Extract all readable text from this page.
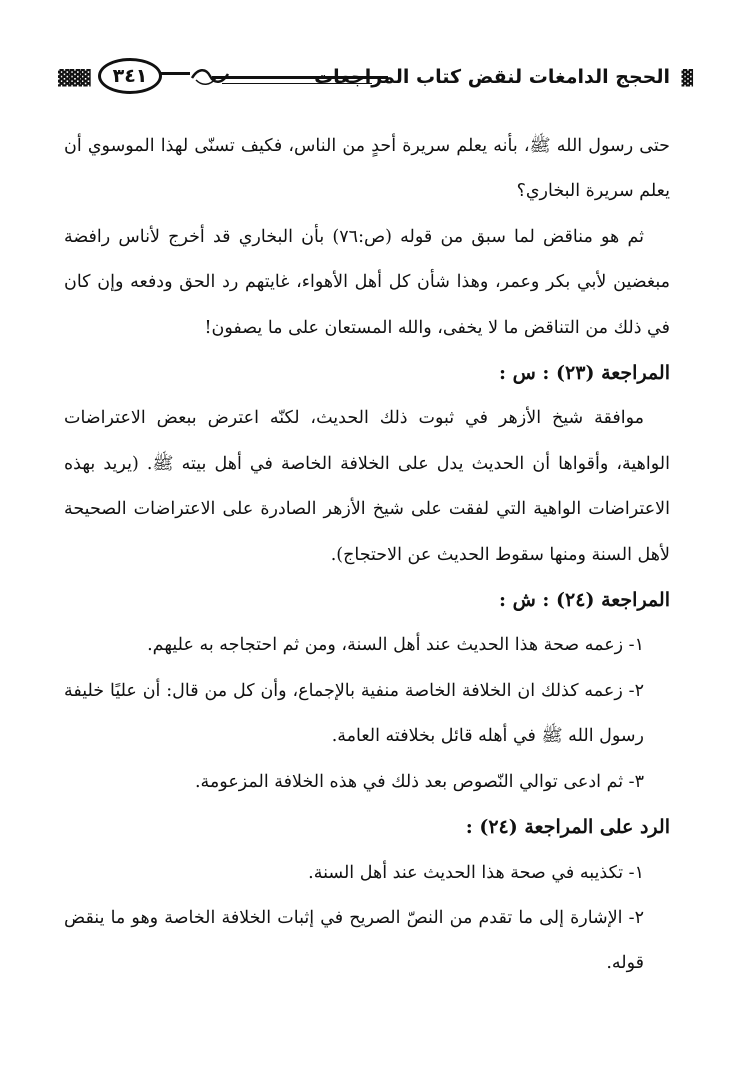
▓▓▓	٣٤١	الحجج الدامغات لنقض كتاب المراجعات ▓

حتى رسول الله ﷺ، بأنه يعلم سريرة أحدٍ من الناس، فكيف تسنّى لهذا الموسوي أن يعلم سريرة البخاري؟

ثم هو مناقض لما سبق من قوله (ص:٧٦) بأن البخاري قد أخرج لأناس رافضة مبغضين لأبي بكر وعمر، وهذا شأن كل أهل الأهواء، غايتهم رد الحق ودفعه وإن كان في ذلك من التناقض ما لا يخفى، والله المستعان على ما يصفون!

المراجعة (٢٣) : س :

موافقة شيخ الأزهر في ثبوت ذلك الحديث، لكنّه اعترض ببعض الاعتراضات الواهية، وأقواها أن الحديث يدل على الخلافة الخاصة في أهل بيته ﷺ. (يريد بهذه الاعتراضات الواهية التي لفقت على شيخ الأزهر الصادرة على الاعتراضات الصحيحة لأهل السنة ومنها سقوط الحديث عن الاحتجاج).

المراجعة (٢٤) : ش :

١- زعمه صحة هذا الحديث عند أهل السنة، ومن ثم احتجاجه به عليهم.

٢- زعمه كذلك ان الخلافة الخاصة منفية بالإجماع، وأن كل من قال: أن عليًا خليفة رسول الله ﷺ في أهله قائل بخلافته العامة.

٣- ثم ادعى توالي النّصوص بعد ذلك في هذه الخلافة المزعومة.

الرد على المراجعة (٢٤) :

١- تكذيبه في صحة هذا الحديث عند أهل السنة.

٢- الإشارة إلى ما تقدم من النصّ الصريح في إثبات الخلافة الخاصة وهو ما ينقض قوله.
